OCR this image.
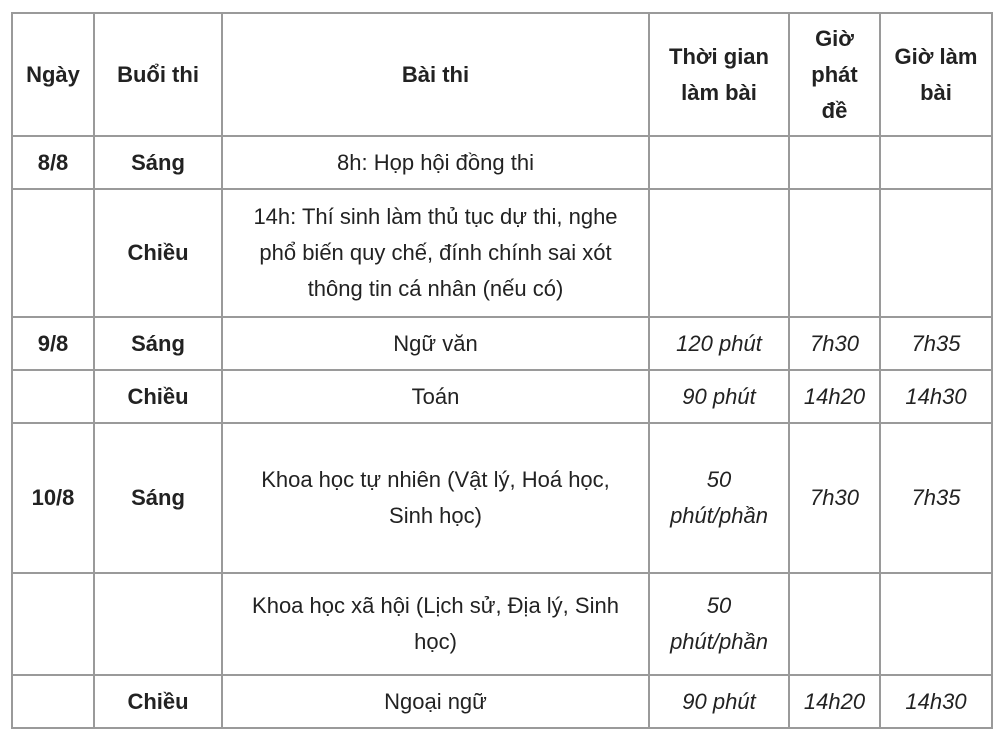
Ngày	Buổi thi	Bài thi	Thời gian làm bài	Giờ phát đề	Giờ làm bài
8/8	Sáng	8h: Họp hội đồng thi			
	Chiều	14h: Thí sinh làm thủ tục dự thi, nghe phổ biến quy chế, đính chính sai xót thông tin cá nhân (nếu có)			
9/8	Sáng	Ngữ văn	120 phút	7h30	7h35
	Chiều	Toán	90 phút	14h20	14h30
10/8	Sáng	Khoa học tự nhiên (Vật lý, Hoá học, Sinh học)	50 phút/phần	7h30	7h35
		Khoa học xã hội (Lịch sử, Địa lý, Sinh học)	50 phút/phần		
	Chiều	Ngoại ngữ	90 phút	14h20	14h30
